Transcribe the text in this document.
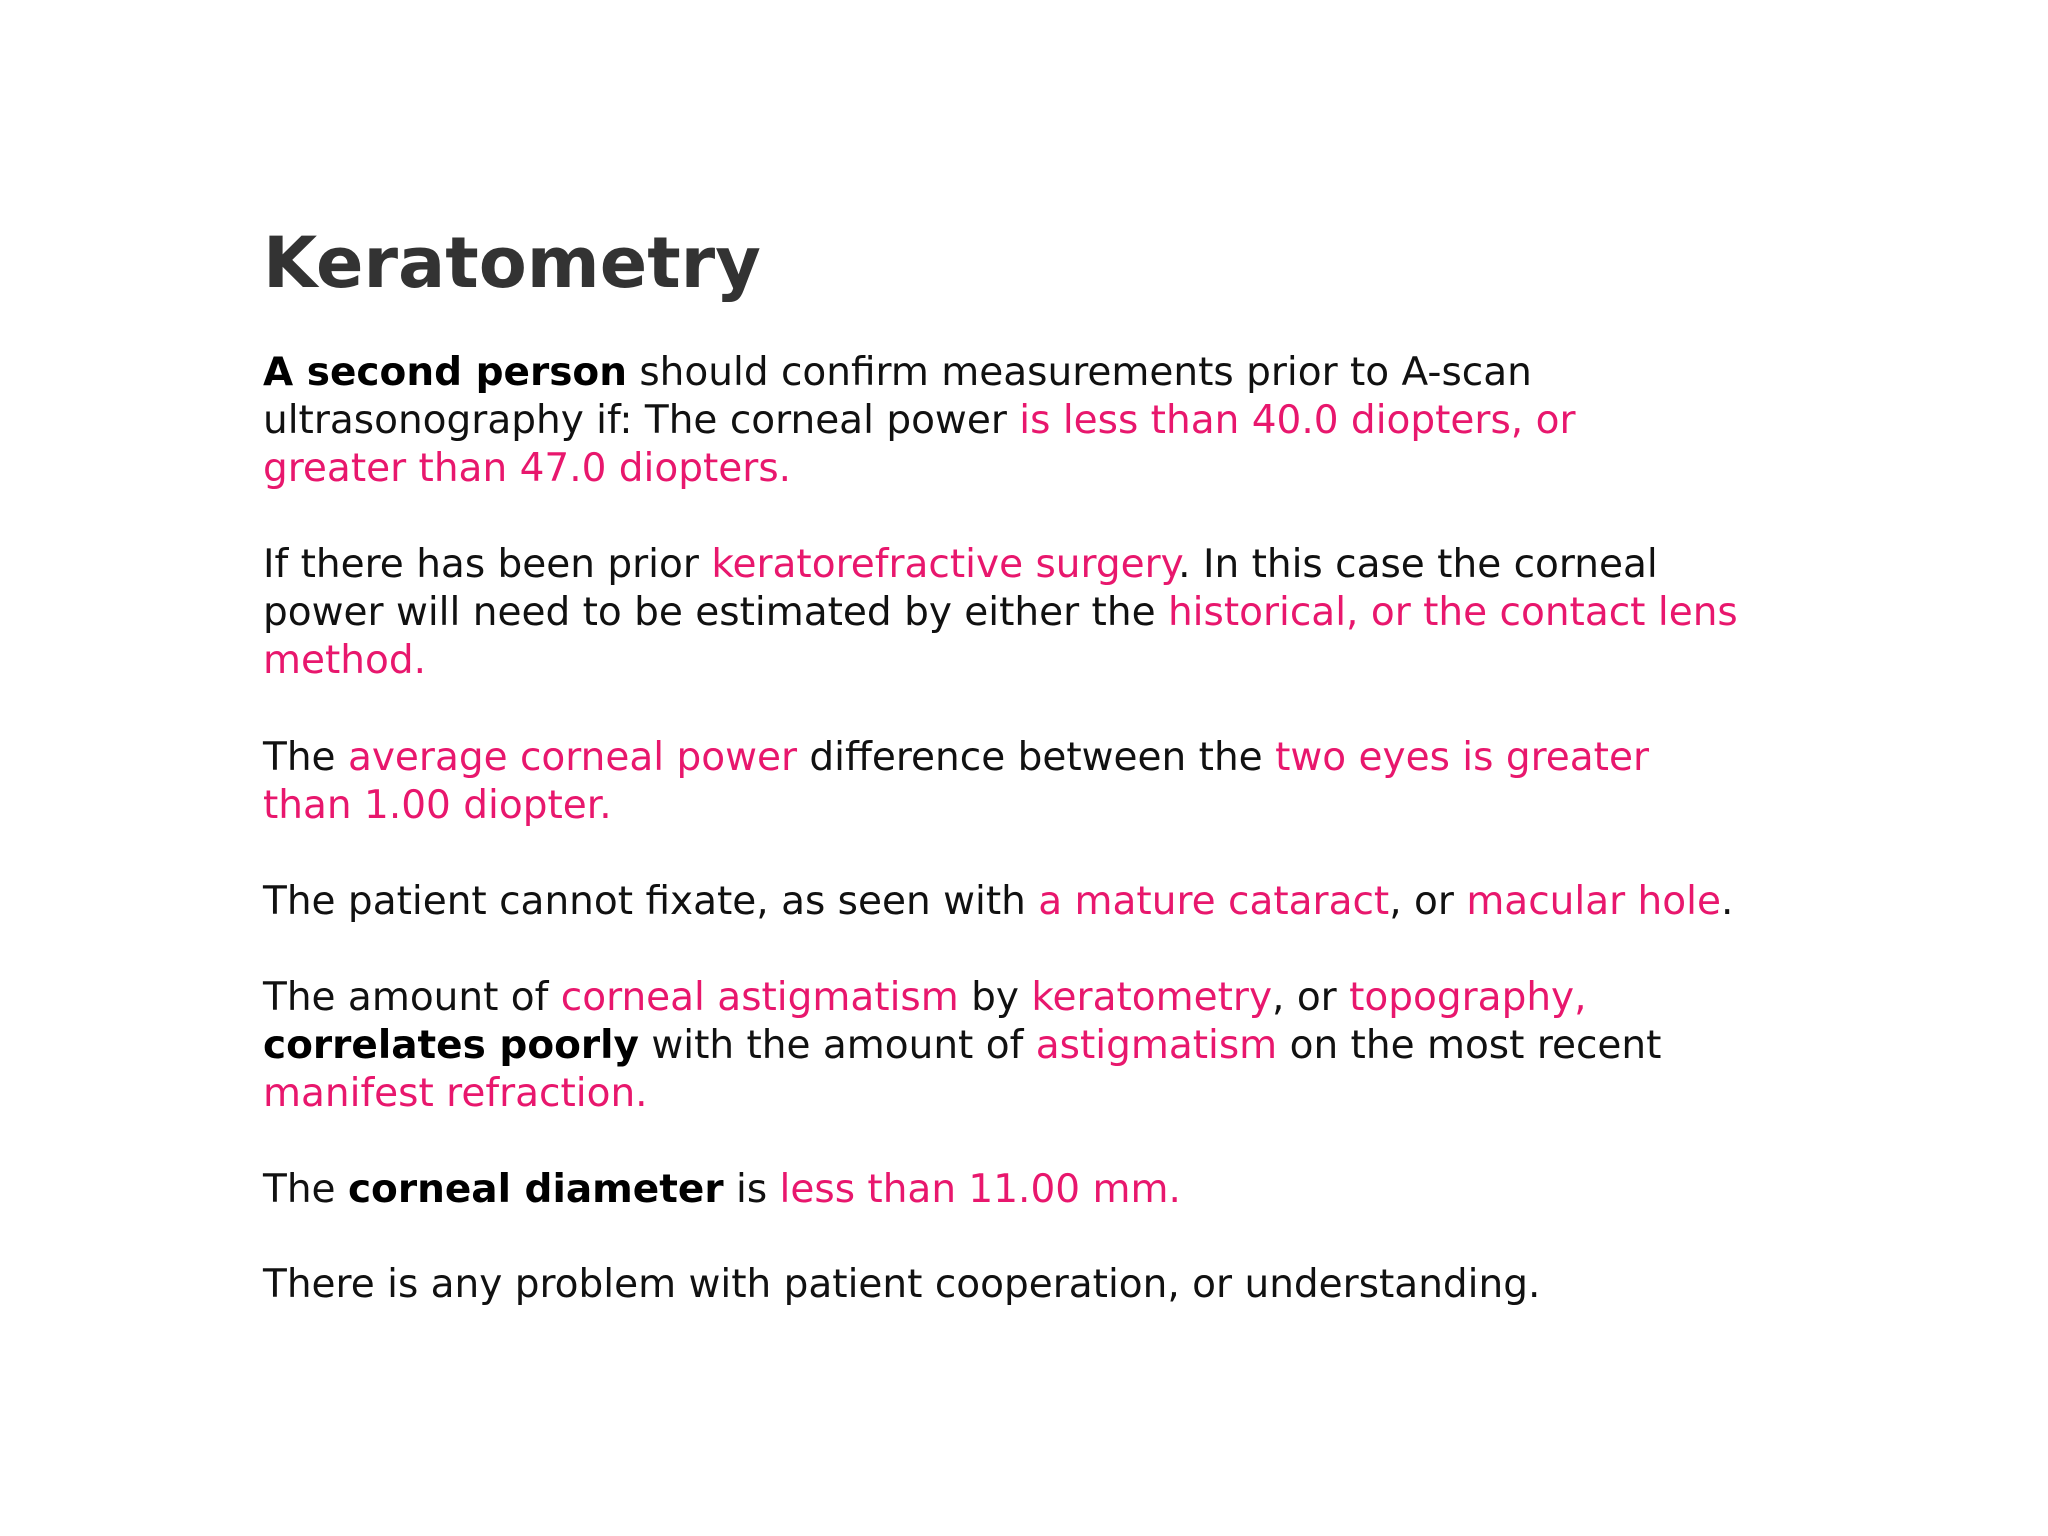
Keratometry

A second person should confirm measurements prior to A-scan
ultrasonography if: The corneal power is less than 40.0 diopters, or
greater than 47.0 diopters.

If there has been prior keratorefractive surgery. In this case the corneal
power will need to be estimated by either the historical, or the contact lens
method.

The average corneal power difference between the two eyes is greater
than 1.00 diopter.

The patient cannot fixate, as seen with a mature cataract, or macular hole.

The amount of corneal astigmatism by keratometry, or topography,
correlates poorly with the amount of astigmatism on the most recent
manifest refraction.

The corneal diameter is less than 11.00 mm.

There is any problem with patient cooperation, or understanding.
